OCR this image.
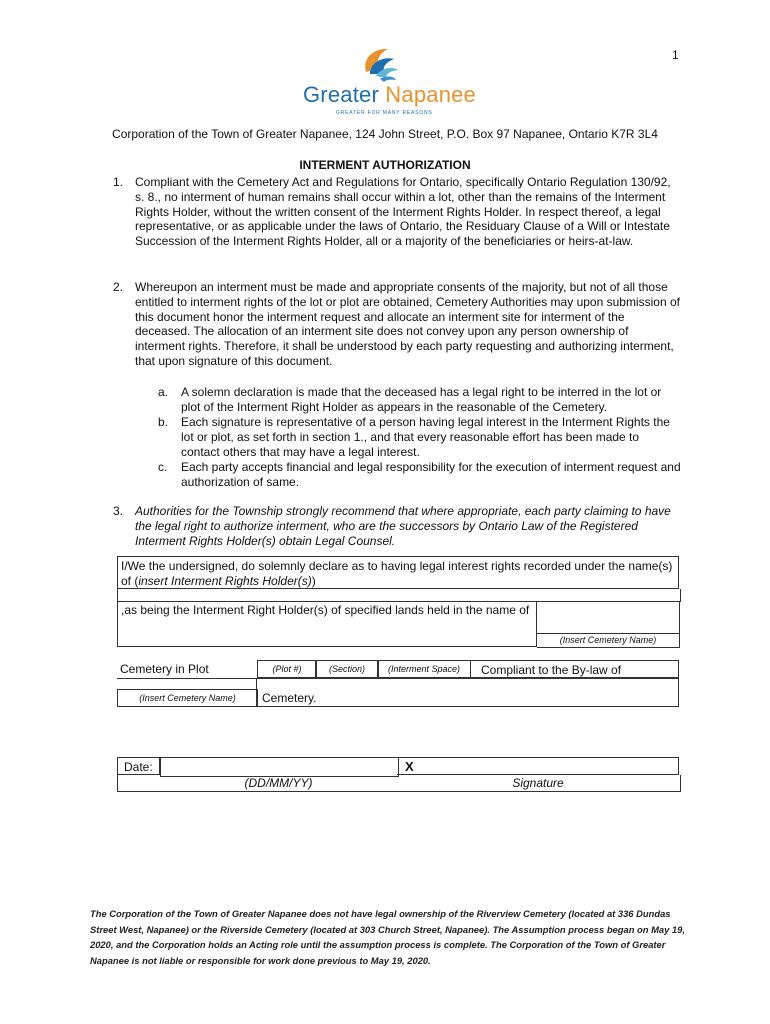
1
Greater Napanee
GREATER FOR MANY REASONS
Corporation of the Town of Greater Napanee, 124 John Street, P.O. Box 97 Napanee, Ontario K7R 3L4
INTERMENT AUTHORIZATION
1. Compliant with the Cemetery Act and Regulations for Ontario, specifically Ontario Regulation 130/92, s. 8., no interment of human remains shall occur within a lot, other than the remains of the Interment Rights Holder, without the written consent of the Interment Rights Holder. In respect thereof, a legal representative, or as applicable under the laws of Ontario, the Residuary Clause of a Will or Intestate Succession of the Interment Rights Holder, all or a majority of the beneficiaries or heirs-at-law.
2. Whereupon an interment must be made and appropriate consents of the majority, but not of all those entitled to interment rights of the lot or plot are obtained, Cemetery Authorities may upon submission of this document honor the interment request and allocate an interment site for interment of the deceased. The allocation of an interment site does not convey upon any person ownership of interment rights. Therefore, it shall be understood by each party requesting and authorizing interment, that upon signature of this document.
a. A solemn declaration is made that the deceased has a legal right to be interred in the lot or plot of the Interment Right Holder as appears in the reasonable of the Cemetery.
b. Each signature is representative of a person having legal interest in the Interment Rights the lot or plot, as set forth in section 1., and that every reasonable effort has been made to contact others that may have a legal interest.
c. Each party accepts financial and legal responsibility for the execution of interment request and authorization of same.
3. Authorities for the Township strongly recommend that where appropriate, each party claiming to have the legal right to authorize interment, who are the successors by Ontario Law of the Registered Interment Rights Holder(s) obtain Legal Counsel.
I/We the undersigned, do solemnly declare as to having legal interest rights recorded under the name(s) of (insert Interment Rights Holder(s))
,as being the Interment Right Holder(s) of specified lands held in the name of
(Insert Cemetery Name)
Cemetery in Plot	(Plot #)	(Section)	(Interment Space)	Compliant to the By-law of
(Insert Cemetery Name)	Cemetery.
Date:	X
(DD/MM/YY)	Signature
The Corporation of the Town of Greater Napanee does not have legal ownership of the Riverview Cemetery (located at 336 Dundas Street West, Napanee) or the Riverside Cemetery (located at 303 Church Street, Napanee). The Assumption process began on May 19, 2020, and the Corporation holds an Acting role until the assumption process is complete. The Corporation of the Town of Greater Napanee is not liable or responsible for work done previous to May 19, 2020.
